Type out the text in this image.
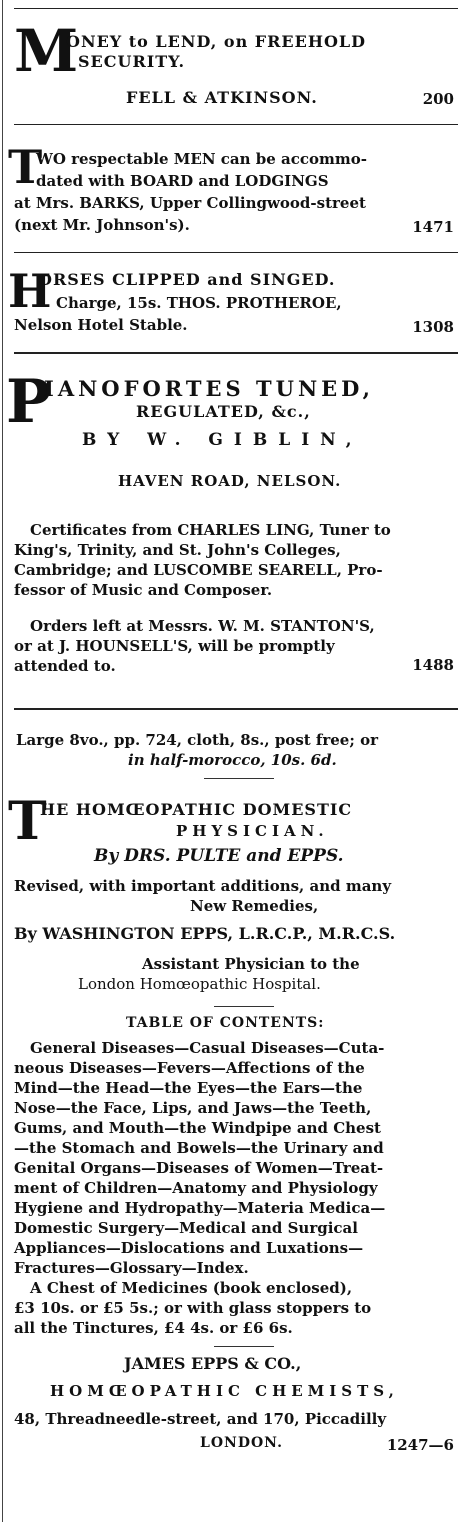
M
ONEY to LEND, on FREEHOLD
SECURITY.
FELL & ATKINSON.	200
T
WO respectable MEN can be accommo-
dated with BOARD and LODGINGS
at Mrs. BARKS, Upper Collingwood-street
(next Mr. Johnson's).	1471
H
ORSES CLIPPED and SINGED.
Charge, 15s. THOS. PROTHEROE,
Nelson Hotel Stable.	1308
P
IANOFORTES TUNED,
REGULATED, &c.,
BY W. GIBLIN,
HAVEN ROAD, NELSON.
Certificates from CHARLES LING, Tuner to
King's, Trinity, and St. John's Colleges,
Cambridge; and LUSCOMBE SEARELL, Pro-
fessor of Music and Composer.
Orders left at Messrs. W. M. STANTON'S,
or at J. HOUNSELL'S, will be promptly
attended to.	1488
Large 8vo., pp. 724, cloth, 8s., post free; or
in half-morocco, 10s. 6d.
T
HE HOMŒOPATHIC DOMESTIC
PHYSICIAN.
By DRS. PULTE and EPPS.
Revised, with important additions, and many
New Remedies,
By WASHINGTON EPPS, L.R.C.P., M.R.C.S.
Assistant Physician to the
London Homœopathic Hospital.
TABLE OF CONTENTS:
General Diseases—Casual Diseases—Cuta-
neous Diseases—Fevers—Affections of the
Mind—the Head—the Eyes—the Ears—the
Nose—the Face, Lips, and Jaws—the Teeth,
Gums, and Mouth—the Windpipe and Chest
—the Stomach and Bowels—the Urinary and
Genital Organs—Diseases of Women—Treat-
ment of Children—Anatomy and Physiology
Hygiene and Hydropathy—Materia Medica—
Domestic Surgery—Medical and Surgical
Appliances—Dislocations and Luxations—
Fractures—Glossary—Index.
A Chest of Medicines (book enclosed),
£3 10s. or £5 5s.; or with glass stoppers to
all the Tinctures, £4 4s. or £6 6s.
JAMES EPPS & CO.,
HOMŒOPATHIC CHEMISTS,
48, Threadneedle-street, and 170, Piccadilly
LONDON.	1247—6
